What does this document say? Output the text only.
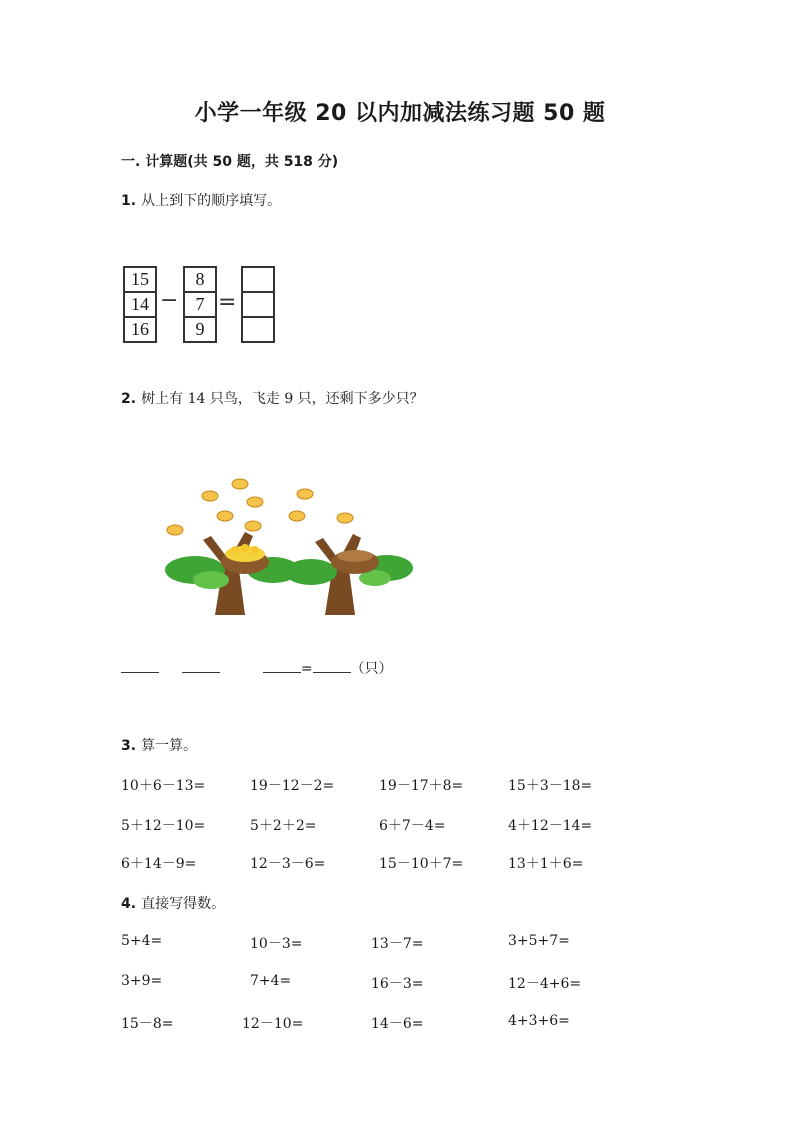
小学一年级 20 以内加减法练习题 50 题
一. 计算题(共 50 题，共 518 分)
1. 从上到下的顺序填写。
15
14
16
−
8
7
9
=
2. 树上有 14 只鸟，飞走 9 只，还剩下多少只？
=	（只）
3. 算一算。
10＋6－13=	19－12－2=	19－17＋8=	15＋3－18=
5＋12－10=	5＋2＋2=	6＋7－4=	4＋12－14=
6＋14－9=	12－3－6=	15－10＋7=	13＋1＋6=
4. 直接写得数。
5+4=	10－3=	13－7=	3+5+7=
3+9=	7+4=	16－3=	12－4+6=
15－8=	12－10=	14－6=	4+3+6=
